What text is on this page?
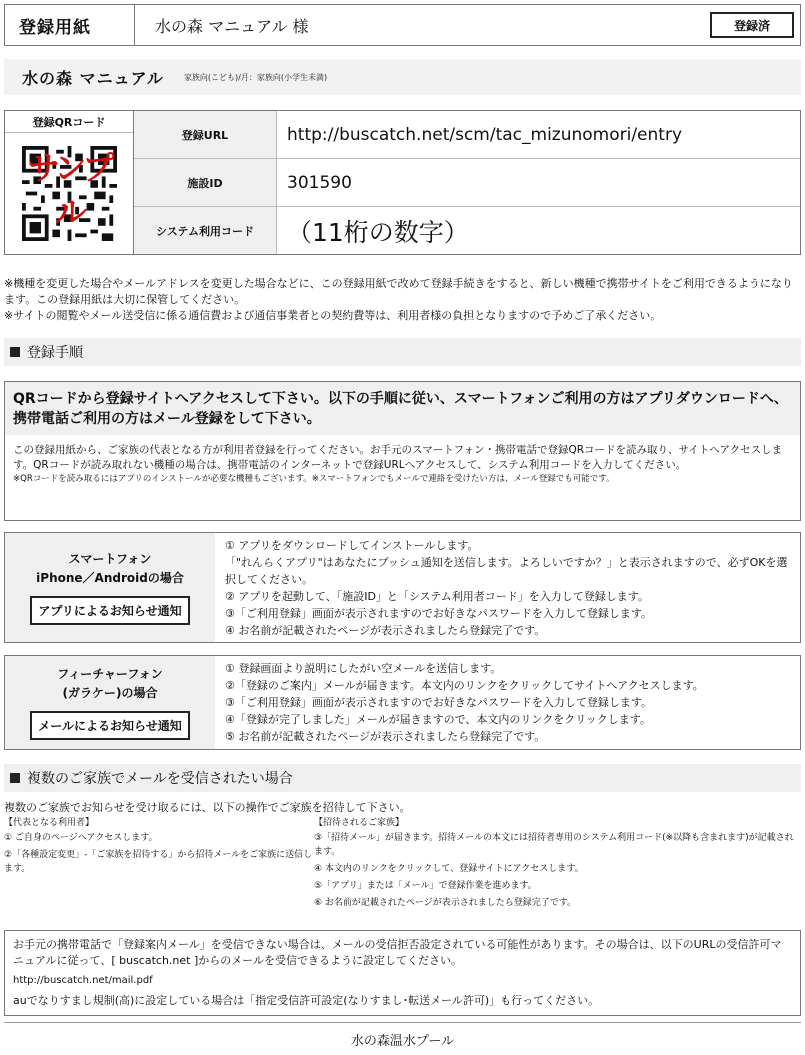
登録用紙	水の森 マニュアル 様	登録済
水の森 マニュアル	家族向(こども)/月：家族向(小学生未満)
登録QRコード
サンプル
登録URL	http://buscatch.net/scm/tac_mizunomori/entry
施設ID	301590
システム利用コード	（11桁の数字）

※機種を変更した場合やメールアドレスを変更した場合などに、この登録用紙で改めて登録手続きをすると、新しい機種で携帯サイトをご利用できるようになります。この登録用紙は大切に保管してください。

※サイトの閲覧やメール送受信に係る通信費および通信事業者との契約費等は、利用者様の負担となりますので予めご了承ください。

登録手順
QRコードから登録サイトへアクセスして下さい。以下の手順に従い、スマートフォンご利用の方はアプリダウンロードへ、携帯電話ご利用の方はメール登録をして下さい。

この登録用紙から、ご家族の代表となる方が利用者登録を行ってください。お手元のスマートフォン・携帯電話で登録QRコードを読み取り、サイトへアクセスします。QRコードが読み取れない機種の場合は、携帯電話のインターネットで登録URLへアクセスして、システム利用コードを入力してください。

※QRコードを読み取るにはアプリのインストールが必要な機種もございます。※スマートフォンでもメールで連絡を受けたい方は、メール登録でも可能です。

スマートフォン
iPhone／Androidの場合
アプリによるお知らせ通知
① アプリをダウンロードしてインストールします。
「"れんらくアプリ"はあなたにプッシュ通知を送信します。よろしいですか？」と表示されますので、必ずOKを選択してください。
② アプリを起動して、「施設ID」と「システム利用者コード」を入力して登録します。
③「ご利用登録」画面が表示されますのでお好きなパスワードを入力して登録します。
④ お名前が記載されたページが表示されましたら登録完了です。
フィーチャーフォン
(ガラケー)の場合
メールによるお知らせ通知
① 登録画面より説明にしたがい空メールを送信します。
②「登録のご案内」メールが届きます。本文内のリンクをクリックしてサイトへアクセスします。
③「ご利用登録」画面が表示されますのでお好きなパスワードを入力して登録します。
④「登録が完了しました」メールが届きますので、本文内のリンクをクリックします。
⑤ お名前が記載されたページが表示されましたら登録完了です。
複数のご家族でメールを受信されたい場合
複数のご家族でお知らせを受け取るには、以下の操作でご家族を招待して下さい。
【代表となる利用者】
① ご自身のページへアクセスします。
②「各種設定変更」-「ご家族を招待する」から招待メールをご家族に送信します。
【招待されるご家族】
③「招待メール」が届きます。招待メールの本文には招待者専用のシステム利用コード(※以降も含まれます)が記載されます。
④ 本文内のリンクをクリックして、登録サイトにアクセスします。
⑤「アプリ」または「メール」で登録作業を進めます。
⑥ お名前が記載されたページが表示されましたら登録完了です。

お手元の携帯電話で「登録案内メール」を受信できない場合は、メールの受信拒否設定されている可能性があります。その場合は、以下のURLの受信許可マニュアルに従って、[ buscatch.net ]からのメールを受信できるように設定してください。

http://buscatch.net/mail.pdf

auでなりすまし規制(高)に設定している場合は「指定受信許可設定(なりすまし･転送メール許可)」も行ってください。

水の森温水プール
